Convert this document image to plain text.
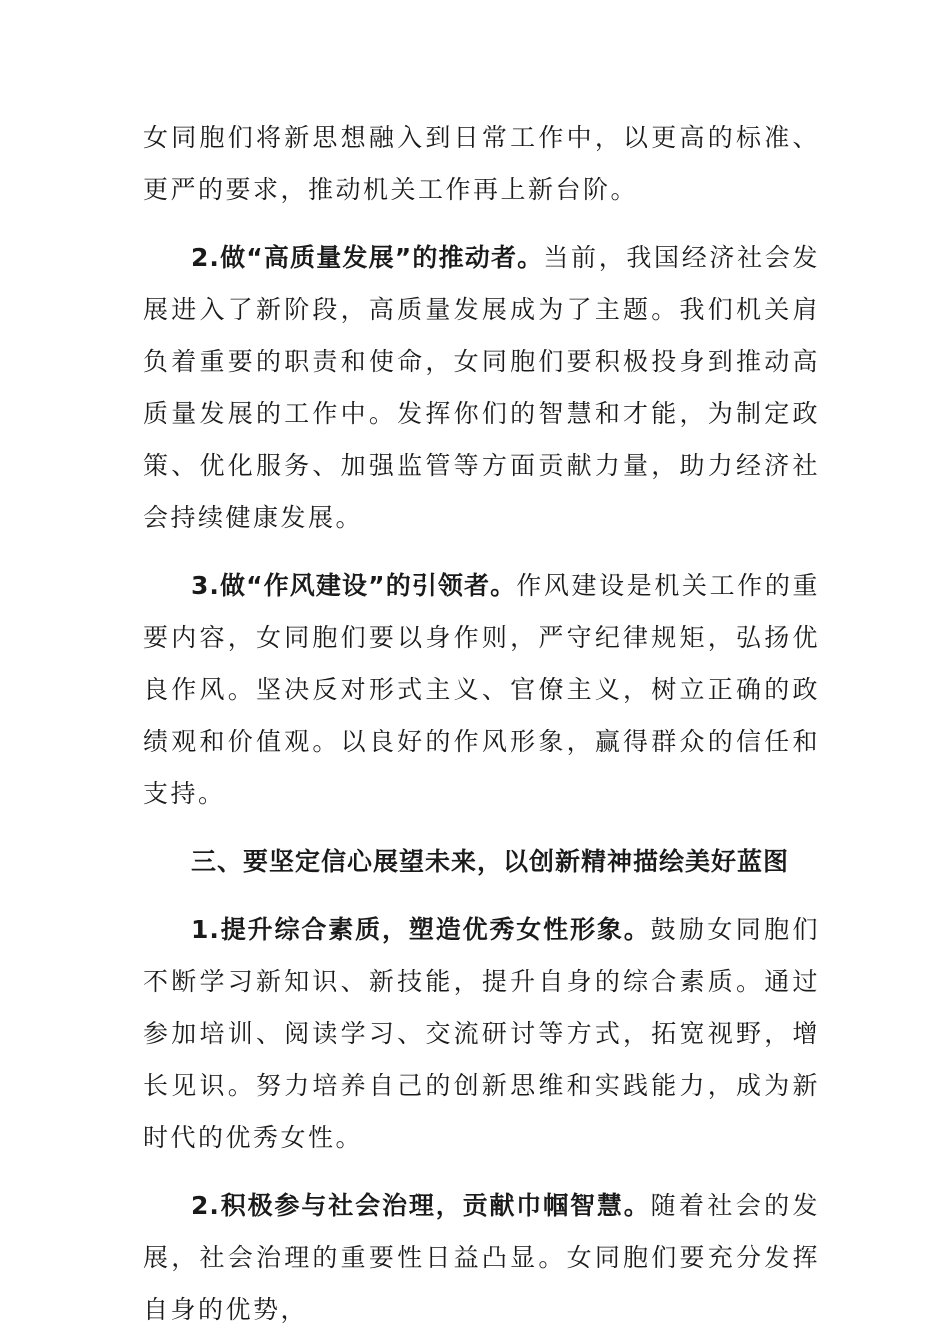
女同胞们将新思想融入到日常工作中，以更高的标准、更严的要求，推动机关工作再上新台阶。

2.做“高质量发展”的推动者。当前，我国经济社会发展进入了新阶段，高质量发展成为了主题。我们机关肩负着重要的职责和使命，女同胞们要积极投身到推动高质量发展的工作中。发挥你们的智慧和才能，为制定政策、优化服务、加强监管等方面贡献力量，助力经济社会持续健康发展。

3.做“作风建设”的引领者。作风建设是机关工作的重要内容，女同胞们要以身作则，严守纪律规矩，弘扬优良作风。坚决反对形式主义、官僚主义，树立正确的政绩观和价值观。以良好的作风形象，赢得群众的信任和支持。

三、要坚定信心展望未来，以创新精神描绘美好蓝图

1.提升综合素质，塑造优秀女性形象。鼓励女同胞们不断学习新知识、新技能，提升自身的综合素质。通过参加培训、阅读学习、交流研讨等方式，拓宽视野，增长见识。努力培养自己的创新思维和实践能力，成为新时代的优秀女性。

2.积极参与社会治理，贡献巾帼智慧。随着社会的发展，社会治理的重要性日益凸显。女同胞们要充分发挥自身的优势，
